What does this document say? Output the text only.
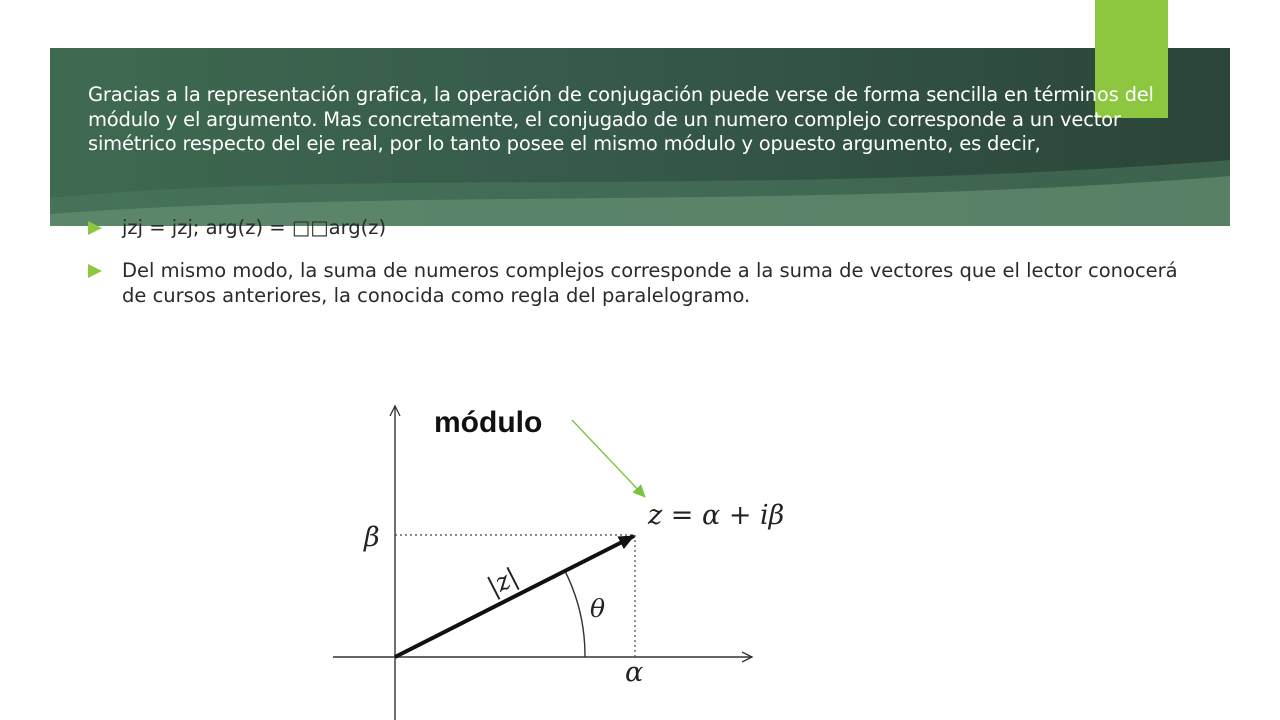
Gracias a la representación grafica, la operación de conjugación puede verse de forma sencilla en términos del módulo y el argumento. Mas concretamente, el conjugado de un numero complejo corresponde a un vector simétrico respecto del eje real, por lo tanto posee el mismo módulo y opuesto argumento, es decir,

jzj = jzj; arg(z) = □□arg(z)
Del mismo modo, la suma de numeros complejos corresponde a la suma de vectores que el lector conocerá de cursos anteriores, la conocida como regla del paralelogramo.
módulo
z = α + iβ
β
α
θ
|z|
